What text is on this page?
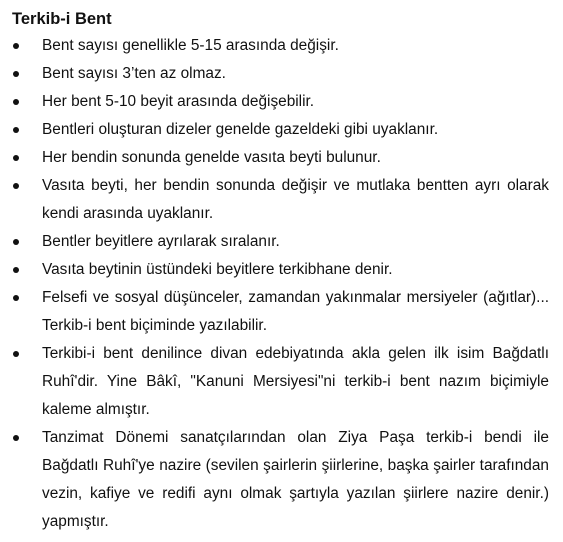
Terkib-i Bent
Bent sayısı genellikle 5-15 arasında değişir.
Bent sayısı 3’ten az olmaz.
Her bent 5-10 beyit arasında değişebilir.
Bentleri oluşturan dizeler genelde gazeldeki gibi uyaklanır.
Her bendin sonunda genelde vasıta beyti bulunur.
Vasıta beyti, her bendin sonunda değişir ve mutlaka bentten ayrı olarak kendi arasında uyaklanır.
Bentler beyitlere ayrılarak sıralanır.
Vasıta beytinin üstündeki beyitlere terkibhane denir.
Felsefi ve sosyal düşünceler, zamandan yakınmalar mersiyeler (ağıtlar)... Terkib-i bent biçiminde yazılabilir.
Terkibi-i bent denilince divan edebiyatında akla gelen ilk isim Bağdatlı Ruhî'dir. Yine Bâkî, "Kanuni Mersiyesi"ni terkib-i bent nazım biçimiyle kaleme almıştır.
Tanzimat Dönemi sanatçılarından olan Ziya Paşa terkib-i bendi ile Bağdatlı Ruhî'ye nazire (sevilen şairlerin şiirlerine, başka şairler tarafından vezin, kafiye ve redifi aynı olmak şartıyla yazılan şiirlere nazire denir.) yapmıştır.
